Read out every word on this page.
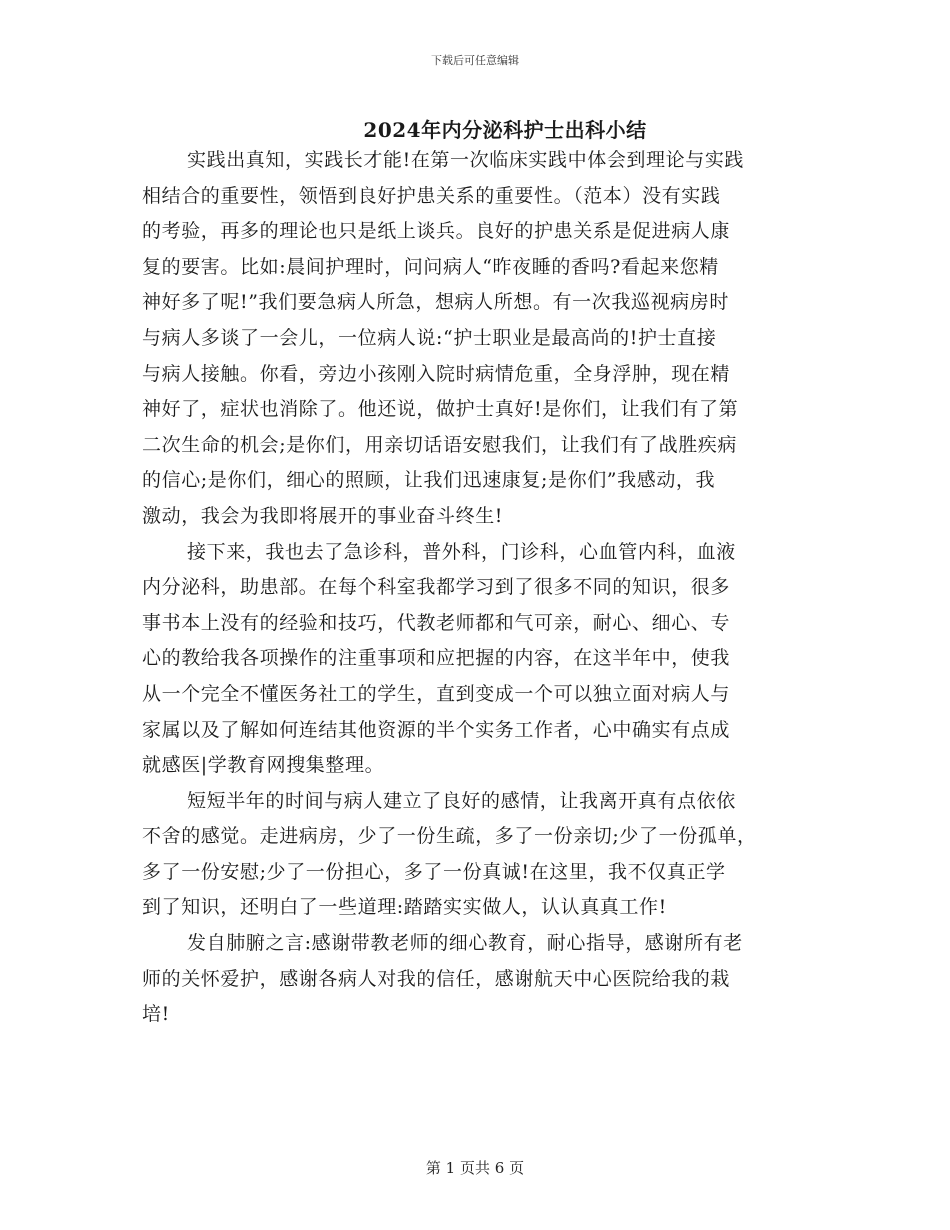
下载后可任意编辑
2024年内分泌科护士出科小结
实践出真知，实践长才能!在第一次临床实践中体会到理论与实践
相结合的重要性，领悟到良好护患关系的重要性。（范本）没有实践
的考验，再多的理论也只是纸上谈兵。良好的护患关系是促进病人康
复的要害。比如:晨间护理时，问问病人“昨夜睡的香吗?看起来您精
神好多了呢!”我们要急病人所急，想病人所想。有一次我巡视病房时
与病人多谈了一会儿，一位病人说:“护士职业是最高尚的!护士直接
与病人接触。你看，旁边小孩刚入院时病情危重，全身浮肿，现在精
神好了，症状也消除了。他还说，做护士真好!是你们，让我们有了第
二次生命的机会;是你们，用亲切话语安慰我们，让我们有了战胜疾病
的信心;是你们，细心的照顾，让我们迅速康复;是你们”我感动，我
激动，我会为我即将展开的事业奋斗终生!
接下来，我也去了急诊科，普外科，门诊科，心血管内科，血液
内分泌科，助患部。在每个科室我都学习到了很多不同的知识，很多
事书本上没有的经验和技巧，代教老师都和气可亲，耐心、细心、专
心的教给我各项操作的注重事项和应把握的内容，在这半年中，使我
从一个完全不懂医务社工的学生，直到变成一个可以独立面对病人与
家属以及了解如何连结其他资源的半个实务工作者，心中确实有点成
就感医|学教育网搜集整理。
短短半年的时间与病人建立了良好的感情，让我离开真有点依依
不舍的感觉。走进病房，少了一份生疏，多了一份亲切;少了一份孤单，
多了一份安慰;少了一份担心，多了一份真诚!在这里，我不仅真正学
到了知识，还明白了一些道理:踏踏实实做人，认认真真工作!
发自肺腑之言:感谢带教老师的细心教育，耐心指导，感谢所有老
师的关怀爱护，感谢各病人对我的信任，感谢航天中心医院给我的栽
培!
第 1 页共 6 页
